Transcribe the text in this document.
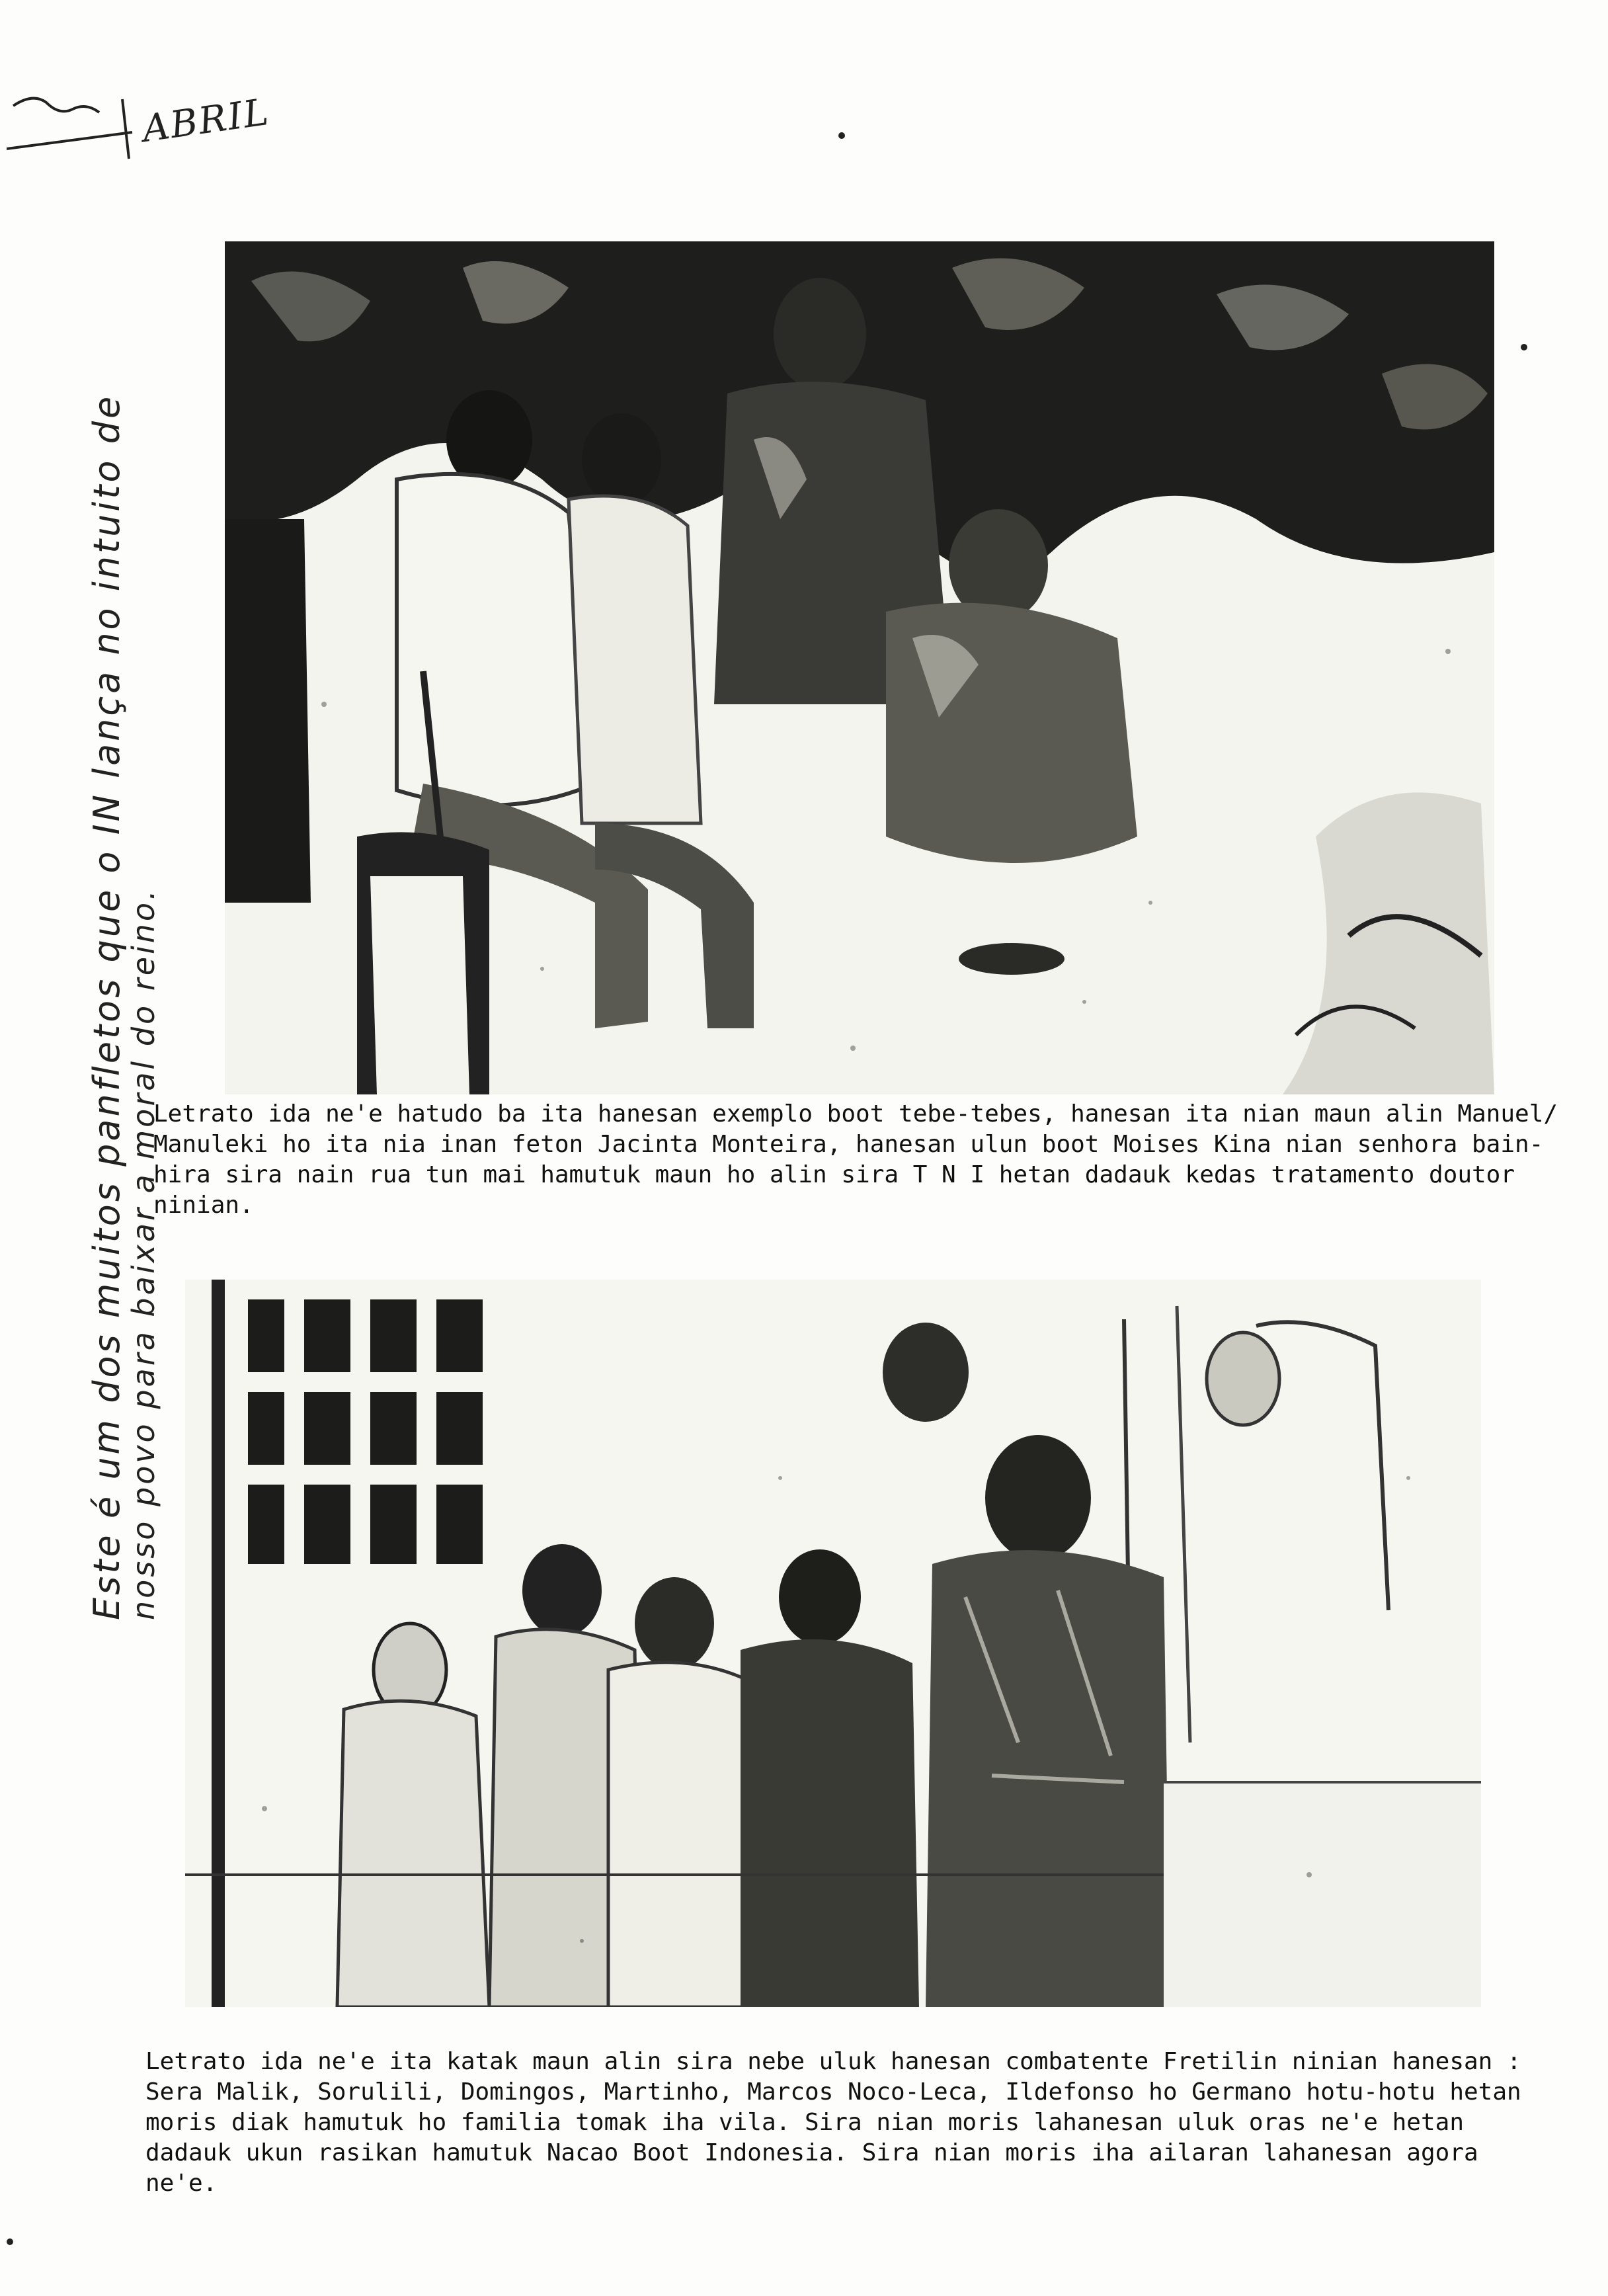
ABRIL
Este é um dos muitos panfletos que o IN lança no intuito de
nosso povo para baixar a moral do reino.

Letrato ida ne'e hatudo ba ita hanesan exemplo boot tebe-tebes, hanesan ita nian maun alin Manuel/

Manuleki ho ita nia inan feton Jacinta Monteira, hanesan ulun boot Moises Kina nian senhora bain-

hira sira nain rua tun mai hamutuk maun ho alin sira T N I hetan dadauk kedas tratamento doutor

ninian.

Letrato ida ne'e ita katak maun alin sira nebe uluk hanesan combatente Fretilin ninian hanesan :

Sera Malik, Sorulili, Domingos, Martinho, Marcos Noco-Leca, Ildefonso ho Germano hotu-hotu hetan

moris diak hamutuk ho familia tomak iha vila. Sira nian moris lahanesan uluk oras ne'e hetan

dadauk ukun rasikan hamutuk Nacao Boot Indonesia. Sira nian moris iha ailaran lahanesan agora

ne'e.
